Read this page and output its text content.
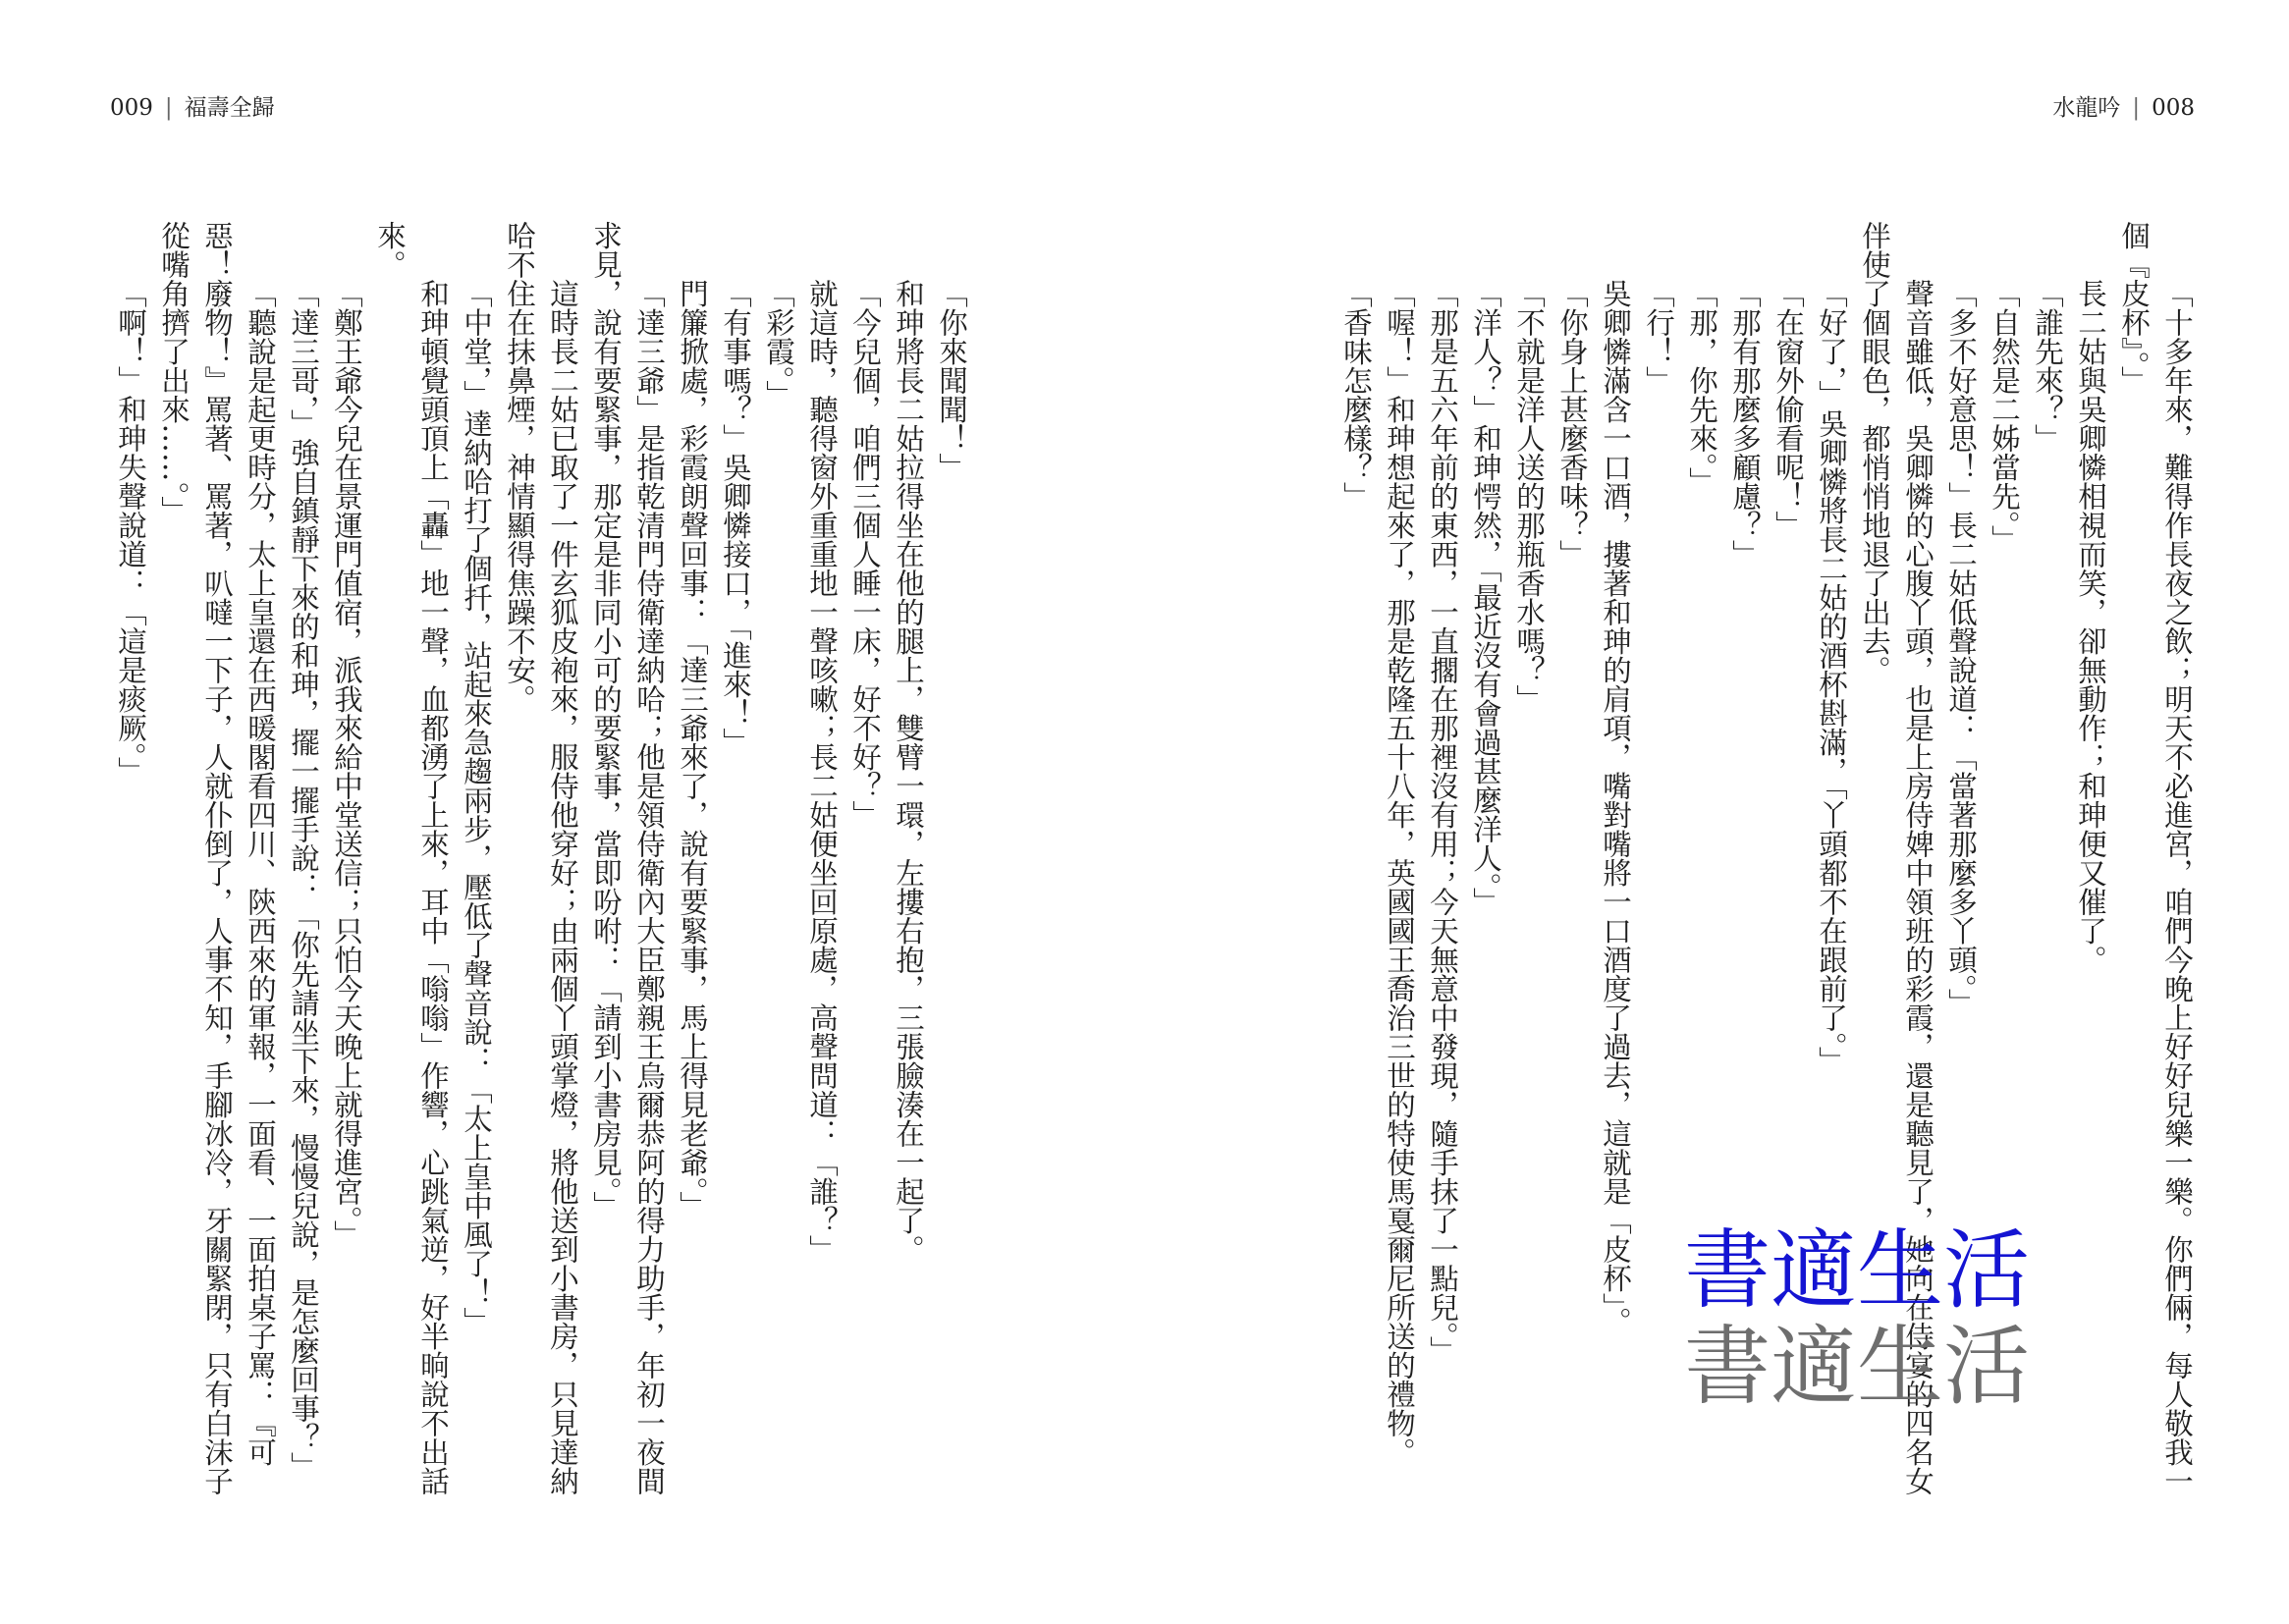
009 | 福壽全歸	水龍吟 | 008
「十多年來，難得作長夜之飲；明天不必進宮，咱們今晚上好好兒樂一樂。你們倆，每人敬我一
個『皮杯』。」
長二姑與吳卿憐相視而笑，卻無動作；和珅便又催了。
「誰先來？」
「自然是二姊當先。」
「多不好意思！」長二姑低聲說道：「當著那麼多丫頭。」
聲音雖低，吳卿憐的心腹丫頭，也是上房侍婢中領班的彩霞，還是聽見了，她向在侍宴的四名女
伴使了個眼色，都悄悄地退了出去。
「好了，」吳卿憐將長二姑的酒杯斟滿，「丫頭都不在跟前了。」
「在窗外偷看呢！」
「那有那麼多顧慮？」
「那，你先來。」
「行！」
吳卿憐滿含一口酒，摟著和珅的肩項，嘴對嘴將一口酒度了過去，這就是「皮杯」。
「你身上甚麼香味？」
「不就是洋人送的那瓶香水嗎？」
「洋人？」和珅愕然，「最近沒有會過甚麼洋人。」
「那是五六年前的東西，一直擱在那裡沒有用；今天無意中發現，隨手抹了一點兒。」
「喔！」和珅想起來了，那是乾隆五十八年，英國國王喬治三世的特使馬戛爾尼所送的禮物。
「香味怎麼樣？」
「你來聞聞！」
和珅將長二姑拉得坐在他的腿上，雙臂一環，左摟右抱，三張臉湊在一起了。
「今兒個，咱們三個人睡一床，好不好？」
就這時，聽得窗外重重地一聲咳嗽；長二姑便坐回原處，高聲問道：「誰？」
「彩霞。」
「有事嗎？」吳卿憐接口，「進來！」
門簾掀處，彩霞朗聲回事：「達三爺來了，說有要緊事，馬上得見老爺。」
「達三爺」是指乾清門侍衛達納哈；他是領侍衛內大臣鄭親王烏爾恭阿的得力助手，年初一夜間
求見，說有要緊事，那定是非同小可的要緊事，當即吩咐：「請到小書房見。」
這時長二姑已取了一件玄狐皮袍來，服侍他穿好；由兩個丫頭掌燈，將他送到小書房，只見達納
哈不住在抹鼻煙，神情顯得焦躁不安。
「中堂，」達納哈打了個扦，站起來急趨兩步，壓低了聲音說：「太上皇中風了！」
和珅頓覺頭頂上「轟」地一聲，血都湧了上來，耳中「嗡嗡」作響，心跳氣逆，好半晌說不出話
來。
「鄭王爺今兒在景運門值宿，派我來給中堂送信；只怕今天晚上就得進宮。」
「達三哥，」強自鎮靜下來的和珅，擺一擺手說：「你先請坐下來，慢慢兒說，是怎麼回事？」
「聽說是起更時分，太上皇還在西暖閣看四川、陝西來的軍報，一面看、一面拍桌子罵：『可
惡！廢物！』罵著、罵著，叭噠一下子，人就仆倒了，人事不知，手腳冰冷，牙關緊閉，只有白沫子
從嘴角擠了出來……。」
「啊！」和珅失聲說道：「這是痰厥。」
書適生活
書適生活
